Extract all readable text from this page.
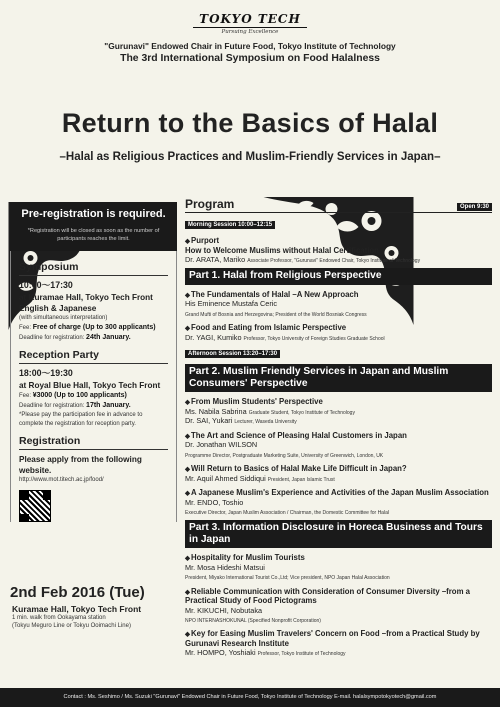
TOKYO TECH
Pursuing Excellence
"Gurunavi" Endowed Chair in Future Food, Tokyo Institute of Technology
The 3rd International Symposium on Food Halalness
Return to the Basics of Halal
–Halal as Religious Practices and Muslim-Friendly Services in Japan–
Pre-registration is required.
*Registration will be closed as soon as the number of participants reaches the limit.
Symposium
10:00～17:30
at Kuramae Hall, Tokyo Tech Front
English & Japanese
(with simultaneous interpretation)
Fee: Free of charge (Up to 300 applicants)
Deadline for registration: 24th January.
Reception Party
18:00～19:30
at Royal Blue Hall, Tokyo Tech Front
Fee: ¥3000 (Up to 100 applicants)
Deadline for registration: 17th January.
*Please pay the participation fee in advance to complete the registration for reception party.
Registration
Please apply from the following website.
http://www.mot.titech.ac.jp/food/
2nd Feb 2016 (Tue)
Kuramae Hall, Tokyo Tech Front
1 min. walk from Ookayama station
(Tokyu Meguro Line or Tokyu Ooimachi Line)
Program	Open 9:30
Morning Session 10:00–12:15
◆Purport
How to Welcome Muslims without Halal Certification
Dr. ARATA, Mariko Associate Professor, "Gurunavi" Endowed Chair, Tokyo Institute of Technology
Part 1. Halal from Religious Perspective
◆The Fundamentals of Halal –A New Approach
His Eminence Mustafa Ceric
Grand Mufti of Bosnia and Herzegovina; President of the World Bosniak Congress
◆Food and Eating from Islamic Perspective
Dr. YAGI, Kumiko Professor, Tokyo University of Foreign Studies Graduate School
Afternoon Session 13:20–17:30
Part 2. Muslim Friendly Services in Japan and Muslim Consumers' Perspective
◆From Muslim Students' Perspective
Ms. Nabila Sabrina Graduate Student, Tokyo Institute of Technology
Dr. SAI, Yukari Lecturer, Waseda University
◆The Art and Science of Pleasing Halal Customers in Japan
Dr. Jonathan WILSON
Programme Director, Postgraduate Marketing Suite, University of Greenwich, London, UK
◆Will Return to Basics of Halal Make Life Difficult in Japan?
Mr. Aquil Ahmed Siddiqui President, Japan Islamic Trust
◆A Japanese Muslim's Experience and Activities of the Japan Muslim Association
Mr. ENDO, Toshio
Executive Director, Japan Muslim Association / Chairman, the Domestic Committee for Halal
Part 3. Information Disclosure in Horeca Business and Tours in Japan
◆Hospitality for Muslim Tourists
Mr. Mosa Hideshi Matsui
President, Miyako International Tourist Co.,Ltd; Vice president, NPO Japan Halal Association
◆Reliable Communication with Consideration of Consumer Diversity –from a Practical Study of Food Pictograms
Mr. KIKUCHI, Nobutaka
NPO INTERNASHOKUNAL (Specified Nonprofit Corporation)
◆Key for Easing Muslim Travelers' Concern on Food –from a Practical Study by Gurunavi Research Institute
Mr. HOMPO, Yoshiaki Professor, Tokyo Institute of Technology
Contact : Ms. Seshimo / Ms. Suzuki "Gurunavi" Endowed Chair in Future Food, Tokyo Institute of Technology E-mail. halalsympotokyotech@gmail.com
